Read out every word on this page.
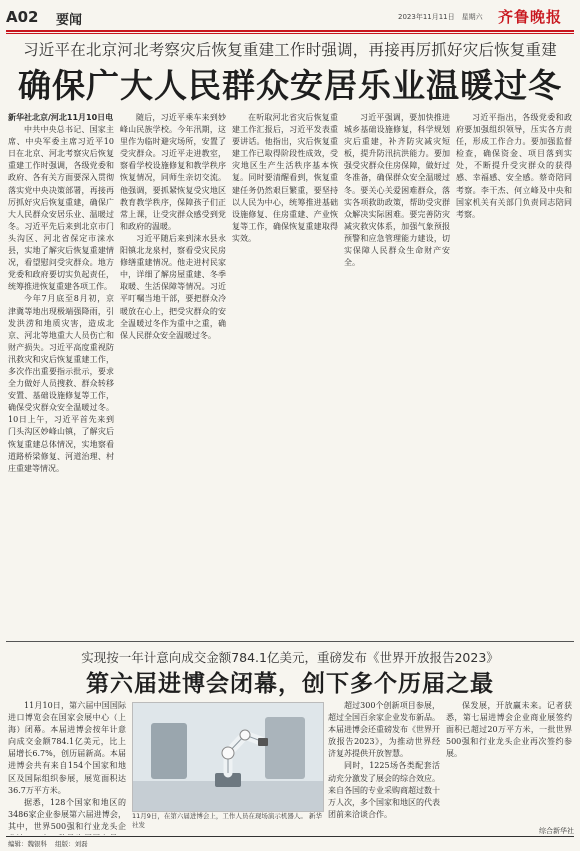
A02 要闻	2023年11月11日　星期六 齐鲁晚报
习近平在北京河北考察灾后恢复重建工作时强调，再接再厉抓好灾后恢复重建
确保广大人民群众安居乐业温暖过冬
新华社北京/河北11月10日电

中共中央总书记、国家主席、中央军委主席习近平10日在北京、河北考察灾后恢复重建工作时强调，各级党委和政府、各有关方面要深入贯彻落实党中央决策部署，再接再厉抓好灾后恢复重建，确保广大人民群众安居乐业、温暖过冬。习近平先后来到北京市门头沟区、河北省保定市涞水县，实地了解灾后恢复重建情况，看望慰问受灾群众。地方党委和政府要切实负起责任，统筹推进恢复重建各项工作。

今年7月底至8月初，京津冀等地出现极端强降雨，引发洪涝和地质灾害，造成北京、河北等地重大人员伤亡和财产损失。习近平高度重视防汛救灾和灾后恢复重建工作，多次作出重要指示批示，要求全力做好人员搜救、群众转移安置、基础设施修复等工作，确保受灾群众安全温暖过冬。10日上午，习近平首先来到门头沟区妙峰山镇，了解灾后恢复重建总体情况，实地察看道路桥梁修复、河道治理、村庄重建等情况。

随后，习近平乘车来到妙峰山民族学校。今年汛期，这里作为临时避灾场所，安置了受灾群众。习近平走进教室，察看学校设施修复和教学秩序恢复情况，同师生亲切交流。他强调，要抓紧恢复受灾地区教育教学秩序，保障孩子们正常上课，让受灾群众感受到党和政府的温暖。

习近平随后来到涞水县永阳镇北龙泉村，察看受灾民房修缮重建情况。他走进村民家中，详细了解房屋重建、冬季取暖、生活保障等情况。习近平叮嘱当地干部，要把群众冷暖放在心上，把受灾群众的安全温暖过冬作为重中之重，确保人民群众安全温暖过冬。

在听取河北省灾后恢复重建工作汇报后，习近平发表重要讲话。他指出，灾后恢复重建工作已取得阶段性成效，受灾地区生产生活秩序基本恢复。同时要清醒看到，恢复重建任务仍然艰巨繁重，要坚持以人民为中心，统筹推进基础设施修复、住房重建、产业恢复等工作，确保恢复重建取得实效。

习近平强调，要加快推进城乡基础设施修复，科学规划灾后重建，补齐防灾减灾短板，提升防汛抗洪能力。要加强受灾群众住房保障，做好过冬准备，确保群众安全温暖过冬。要关心关爱困难群众，落实各项救助政策，帮助受灾群众解决实际困难。要完善防灾减灾救灾体系，加强气象预报预警和应急管理能力建设，切实保障人民群众生命财产安全。

习近平指出，各级党委和政府要加强组织领导，压实各方责任，形成工作合力。要加强监督检查，确保资金、项目落到实处，不断提升受灾群众的获得感、幸福感、安全感。蔡奇陪同考察。李干杰、何立峰及中央和国家机关有关部门负责同志陪同考察。

实现按一年计意向成交金额784.1亿美元，重磅发布《世界开放报告2023》
第六届进博会闭幕，创下多个历届之最

11月10日，第六届中国国际进口博览会在国家会展中心（上海）闭幕。本届进博会按年计意向成交金额784.1亿美元，比上届增长6.7%，创历届新高。本届进博会共有来自154个国家和地区及国际组织参展，展览面积达36.7万平方米。

据悉，128个国家和地区的3486家企业参展第六届进博会，其中，世界500强和行业龙头企

11月9日，在第六届进博会上，工作人员在现场演示机器人。 新华社发

超过300个创新项目参展，超过全国百余家企业发布新品。本届进博会还重磅发布《世界开放报告2023》，为推动世界经济复苏提供开放智慧。

同时，1225场各类配套活动充分激发了展会的综合效应。来自各国的专业采购商超过数十万人次，多个国家和地区的代表团前来洽谈合作。

保发展，开放赢未来。记者获悉，第七届进博会企业商业展签约面积已超过20万平方米，一批世界500强和行业龙头企业再次签约参展。

综合新华社
编辑：魏银科 组版：刘磊
